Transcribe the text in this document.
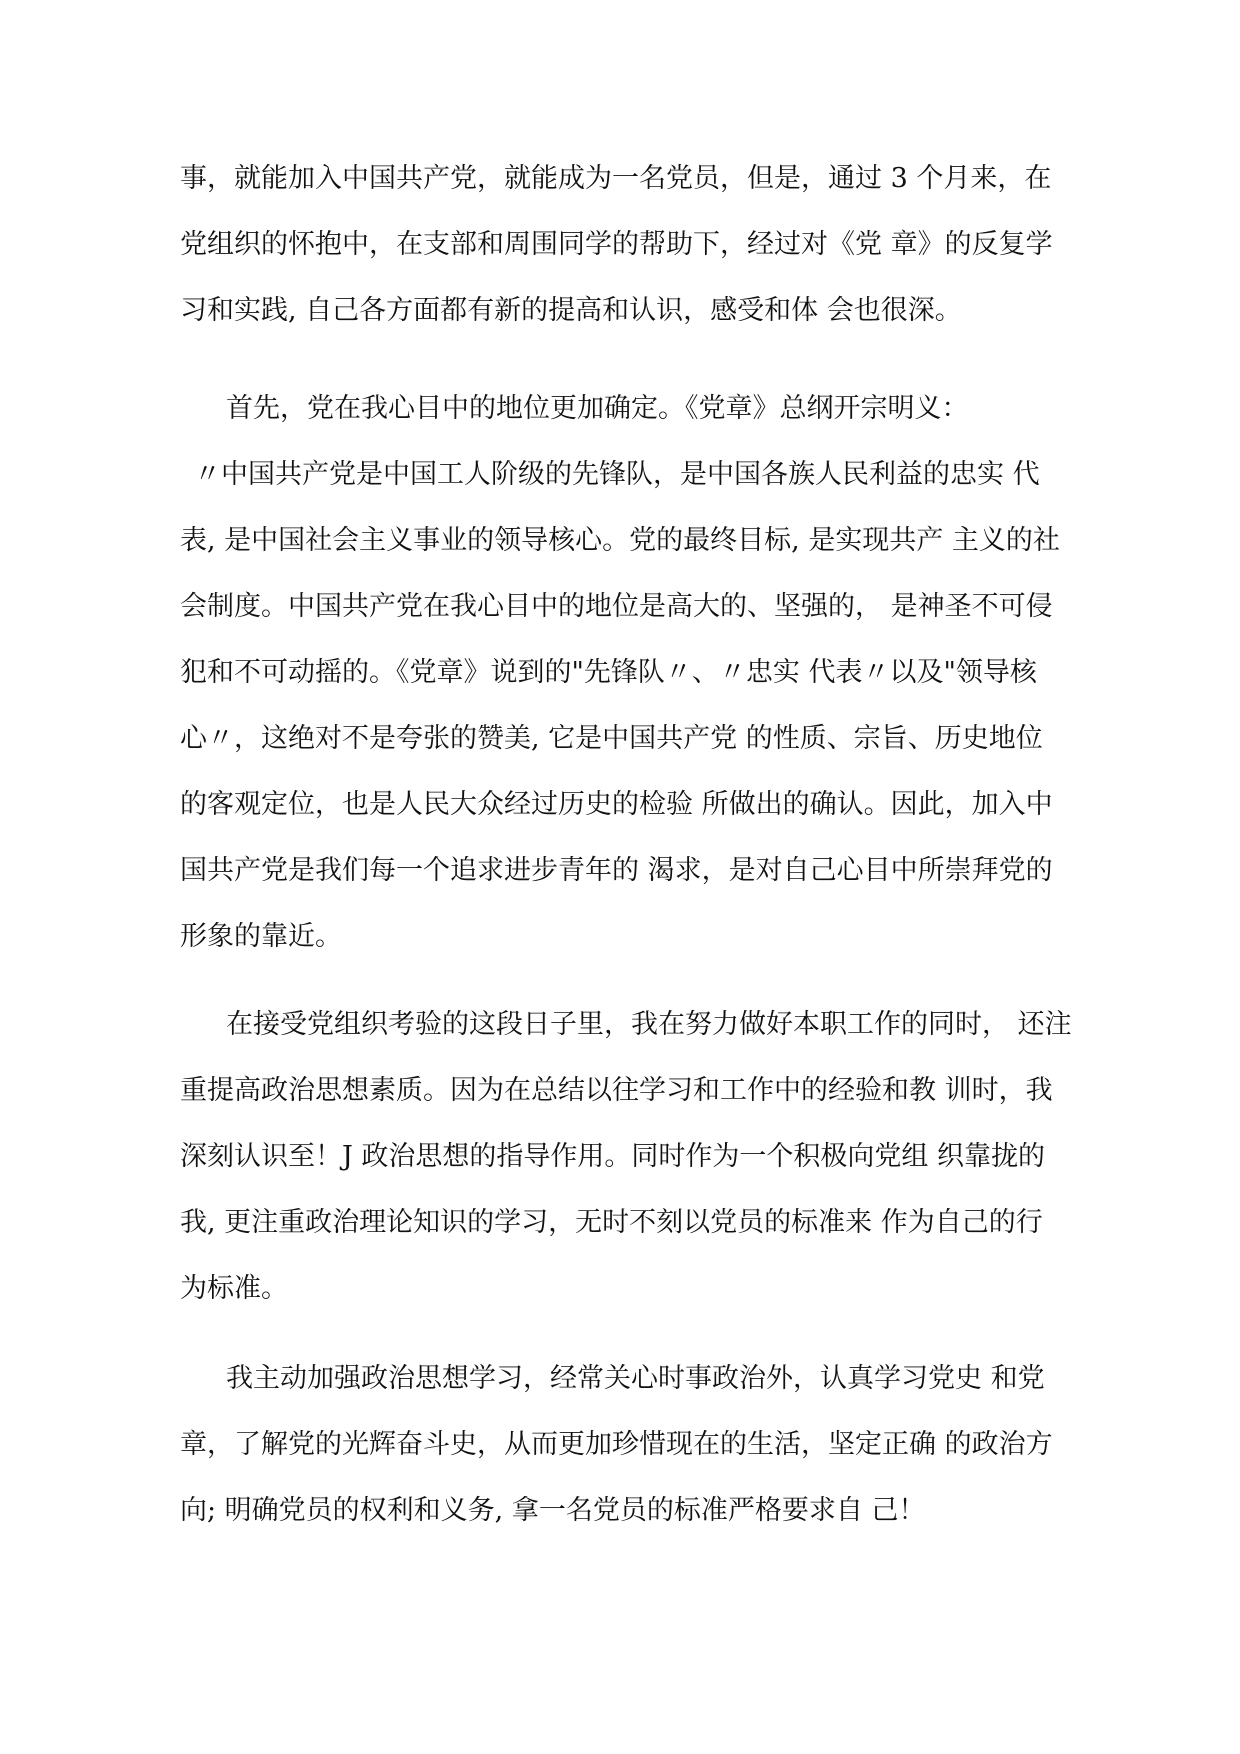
事，就能加入中国共产党，就能成为一名党员，但是，通过 3 个月来，在
党组织的怀抱中，在支部和周围同学的帮助下，经过对《党 章》的反复学
习和实践, 自己各方面都有新的提高和认识，感受和体 会也很深。
首先，党在我心目中的地位更加确定。《党章》总纲开宗明义：
〃中国共产党是中国工人阶级的先锋队，是中国各族人民利益的忠实 代
表, 是中国社会主义事业的领导核心。党的最终目标, 是实现共产 主义的社
会制度。中国共产党在我心目中的地位是高大的、坚强的， 是神圣不可侵
犯和不可动摇的。《党章》说到的"先锋队〃、〃忠实 代表〃以及"领导核
心〃，这绝对不是夸张的赞美, 它是中国共产党 的性质、宗旨、历史地位
的客观定位，也是人民大众经过历史的检验 所做出的确认。因此，加入中
国共产党是我们每一个追求进步青年的 渴求，是对自己心目中所崇拜党的
形象的靠近。
在接受党组织考验的这段日子里，我在努力做好本职工作的同时， 还注
重提高政治思想素质。因为在总结以往学习和工作中的经验和教 训时，我
深刻认识至！J 政治思想的指导作用。同时作为一个积极向党组 织靠拢的
我, 更注重政治理论知识的学习，无时不刻以党员的标准来 作为自己的行
为标准。
我主动加强政治思想学习，经常关心时事政治外，认真学习党史 和党
章，了解党的光辉奋斗史，从而更加珍惜现在的生活，坚定正确 的政治方
向; 明确党员的权利和义务, 拿一名党员的标准严格要求自 己！
